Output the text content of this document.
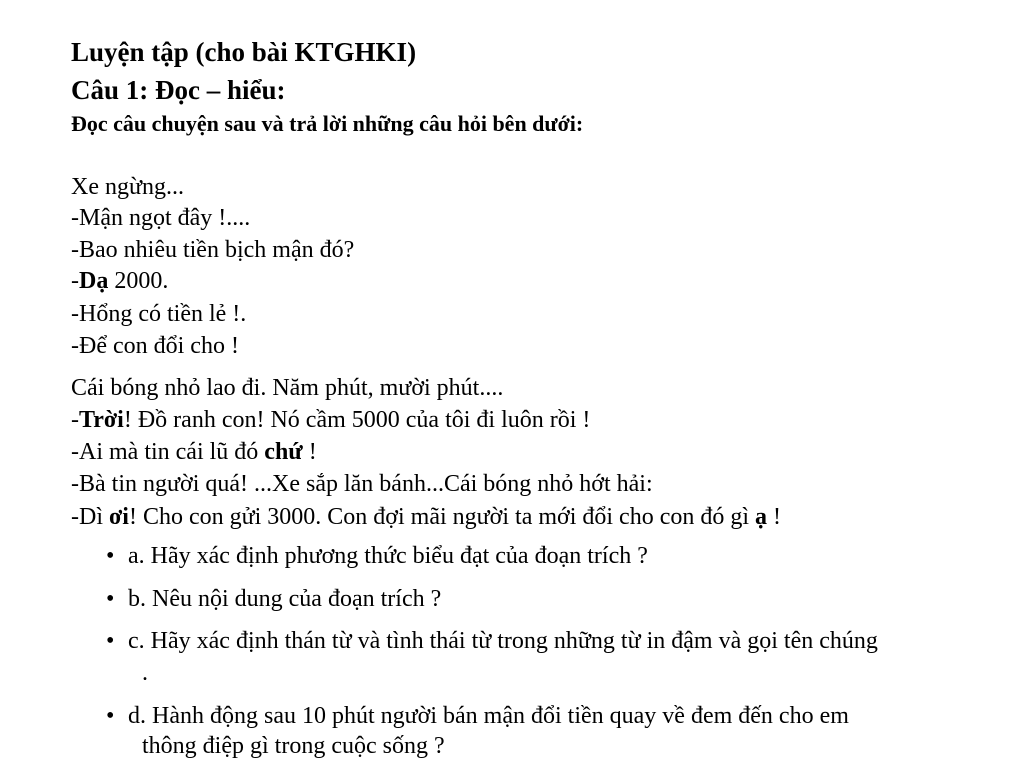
Luyện tập (cho bài KTGHKI)
Câu 1: Đọc – hiểu:
Đọc câu chuyện sau và trả lời những câu hỏi bên dưới:
Xe ngừng...
-Mận ngọt đây !....
-Bao nhiêu tiền bịch mận đó?
-Dạ 2000.
-Hổng có tiền lẻ !.
-Để con đổi cho !
Cái bóng nhỏ lao đi. Năm phút, mười phút....
-Trời! Đồ ranh con! Nó cầm 5000 của tôi đi luôn rồi !
-Ai mà tin cái lũ đó chứ !
-Bà tin người quá! ...Xe sắp lăn bánh...Cái bóng nhỏ hớt hải:
-Dì ơi! Cho con gửi 3000. Con đợi mãi người ta mới đổi cho con đó gì ạ !
• a. Hãy xác định phương thức biểu đạt của đoạn trích ?
• b. Nêu nội dung của đoạn trích ?
• c. Hãy xác định thán từ và tình thái từ trong những từ in đậm và gọi tên chúng
.
• d. Hành động sau 10 phút người bán mận đổi tiền quay về đem đến cho em
thông điệp gì trong cuộc sống ?
